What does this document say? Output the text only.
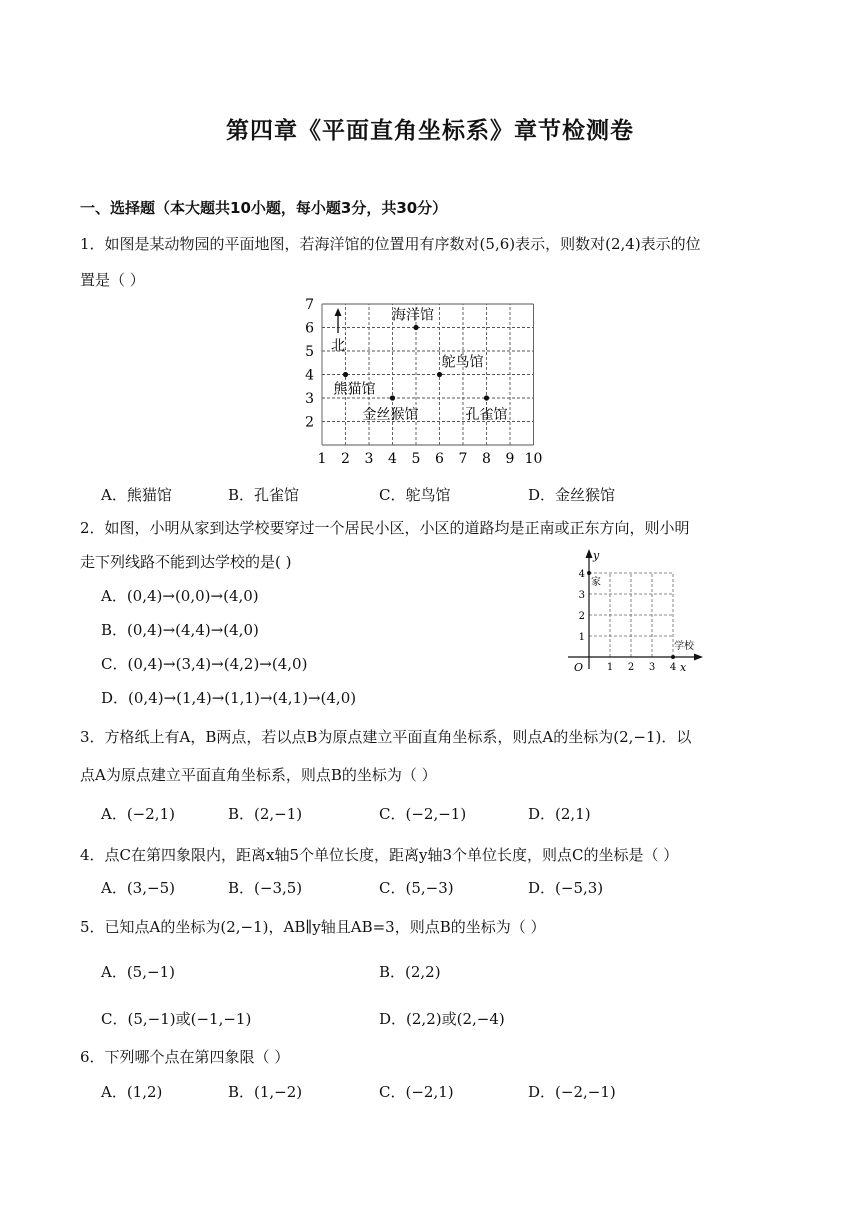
第四章《平面直角坐标系》章节检测卷
一、选择题（本大题共10小题，每小题3分，共30分）
1．如图是某动物园的平面地图，若海洋馆的位置用有序数对(5,6)表示，则数对(2,4)表示的位
置是（ ）
1 2 3 4 5 6 7 8 9 10
2
3
4
5
6
7
海洋馆
鸵鸟馆
熊猫馆
金丝猴馆	孔雀馆
北
A．熊猫馆	B．孔雀馆	C．鸵鸟馆	D．金丝猴馆
2．如图，小明从家到达学校要穿过一个居民小区，小区的道路均是正南或正东方向，则小明
走下列线路不能到达学校的是( )
A．(0,4)→(0,0)→(4,0)
B．(0,4)→(4,4)→(4,0)
C．(0,4)→(3,4)→(4,2)→(4,0)
D．(0,4)→(1,4)→(1,1)→(4,1)→(4,0)
y
x
O 1 2 3 4
1
2
3
4
家
学校
3．方格纸上有A，B两点，若以点B为原点建立平面直角坐标系，则点A的坐标为(2,−1)．以
点A为原点建立平面直角坐标系，则点B的坐标为（ ）
A．(−2,1)	B．(2,−1)	C．(−2,−1)	D．(2,1)
4．点C在第四象限内，距离x轴5个单位长度，距离y轴3个单位长度，则点C的坐标是（ ）
A．(3,−5)	B．(−3,5)	C．(5,−3)	D．(−5,3)
5．已知点A的坐标为(2,−1)，AB∥y轴且AB=3，则点B的坐标为（ ）
A．(5,−1)	B．(2,2)
C．(5,−1)或(−1,−1)	D．(2,2)或(2,−4)
6．下列哪个点在第四象限（ ）
A．(1,2)	B．(1,−2)	C．(−2,1)	D．(−2,−1)
